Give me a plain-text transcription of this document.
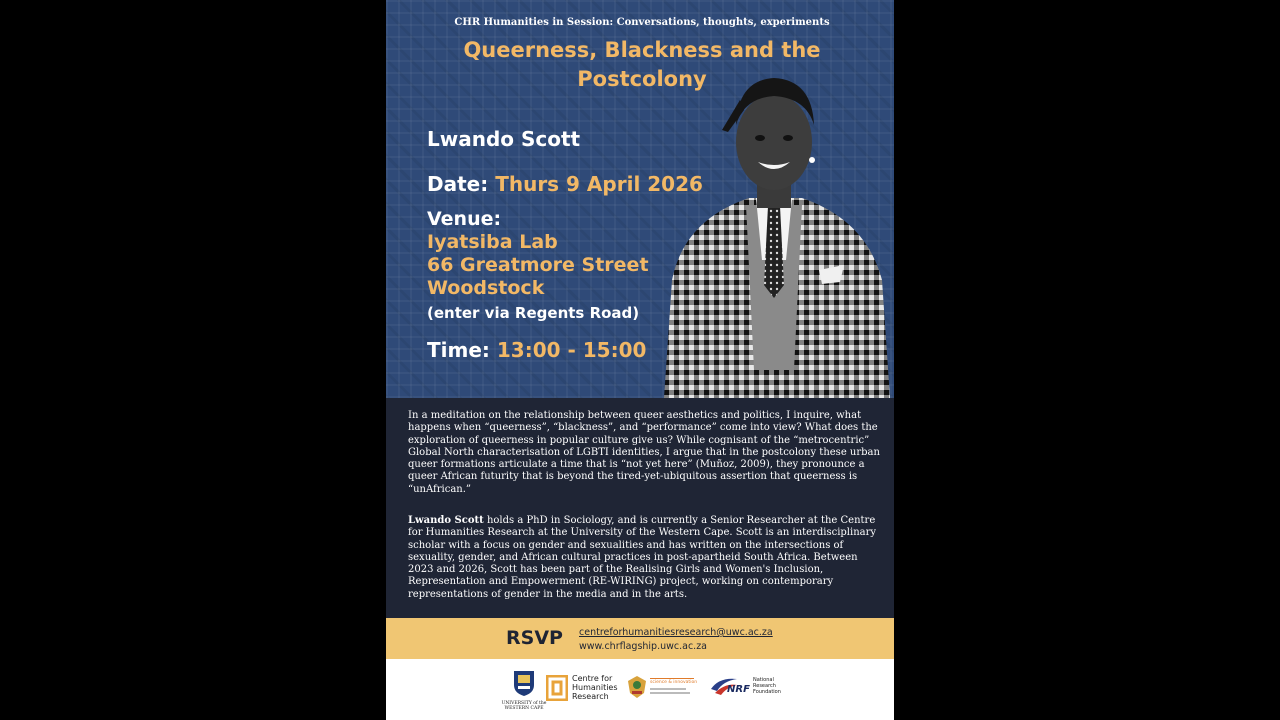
CHR Humanities in Session: Conversations, thoughts, experiments
Queerness, Blackness and the
Postcolony
Lwando Scott
Date: Thurs 9 April 2026
Venue:
Iyatsiba Lab
66 Greatmore Street
Woodstock
(enter via Regents Road)
Time: 13:00 - 15:00

In a meditation on the relationship between queer aesthetics and politics, I inquire, what happens when “queerness”, “blackness”, and “performance” come into view? What does the exploration of queerness in popular culture give us? While cognisant of the “metrocentric” Global North characterisation of LGBTI identities, I argue that in the postcolony these urban queer formations articulate a time that is “not yet here” (Muñoz, 2009), they pronounce a queer African futurity that is beyond the tired-yet-ubiquitous assertion that queerness is “unAfrican.”

Lwando Scott holds a PhD in Sociology, and is currently a Senior Researcher at the Centre for Humanities Research at the University of the Western Cape. Scott is an interdisciplinary scholar with a focus on gender and sexualities and has written on the intersections of sexuality, gender, and African cultural practices in post-apartheid South Africa. Between 2023 and 2026, Scott has been part of the Realising Girls and Women's Inclusion, Representation and Empowerment (RE-WIRING) project, working on contemporary representations of gender in the media and in the arts.

RSVP centreforhumanitiesresearch@uwc.ac.za
www.chrflagship.uwc.ac.za
UNIVERSITY of the
WESTERN CAPE
Centre for
Humanities
Research
science & innovation
NRF
National
Research
Foundation
